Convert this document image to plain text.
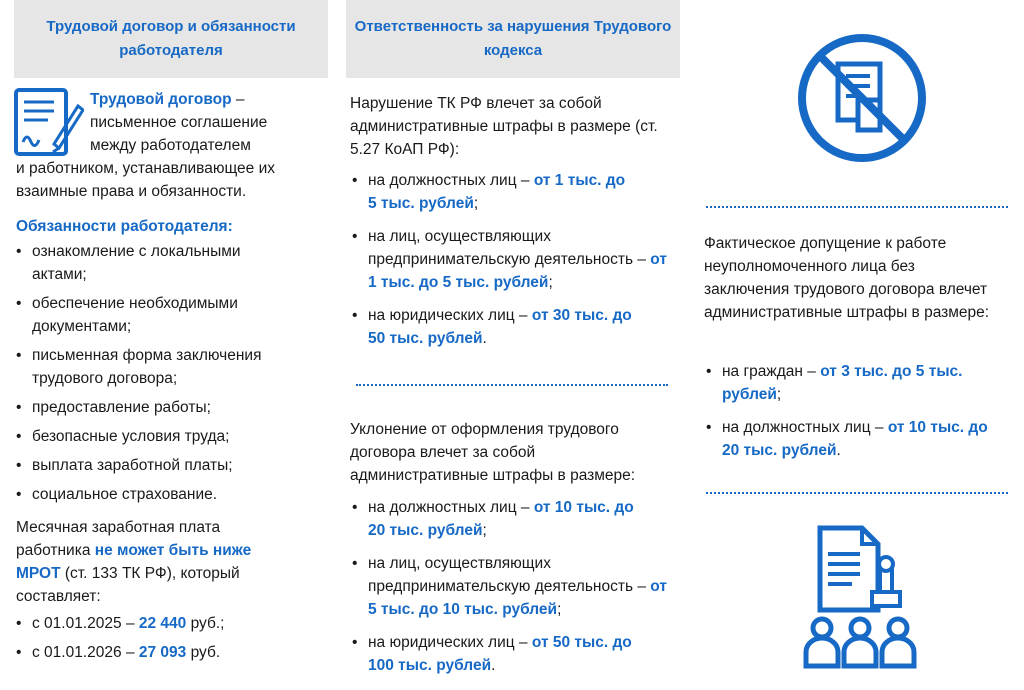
Трудовой договор и обязанности работодателя
Трудовой договор –
письменное соглашение
между работодателем
и работником, устанавливающее их
взаимные права и обязанности.
Обязанности работодателя:
• ознакомление с локальными актами;
• обеспечение необходимыми документами;
• письменная форма заключения трудового договора;
• предоставление работы;
• безопасные условия труда;
• выплата заработной платы;
• социальное страхование.
Месячная заработная плата
работника не может быть ниже
МРОТ (ст. 133 ТК РФ), который
составляет:
• с 01.01.2025 – 22 440 руб.;
• с 01.01.2026 – 27 093 руб.
Ответственность за нарушения Трудового кодекса
Нарушение ТК РФ влечет за собой административные штрафы в размере (ст. 5.27 КоАП РФ):
• на должностных лиц – от 1 тыс. до 5 тыс. рублей;
• на лиц, осуществляющих предпринимательскую деятельность – от 1 тыс. до 5 тыс. рублей;
• на юридических лиц – от 30 тыс. до 50 тыс. рублей.
Уклонение от оформления трудового договора влечет за собой административные штрафы в размере:
• на должностных лиц – от 10 тыс. до 20 тыс. рублей;
• на лиц, осуществляющих предпринимательскую деятельность – от 5 тыс. до 10 тыс. рублей;
• на юридических лиц – от 50 тыс. до 100 тыс. рублей.
Фактическое допущение к работе неуполномоченного лица без заключения трудового договора влечет административные штрафы в размере:
• на граждан – от 3 тыс. до 5 тыс. рублей;
• на должностных лиц – от 10 тыс. до 20 тыс. рублей.
